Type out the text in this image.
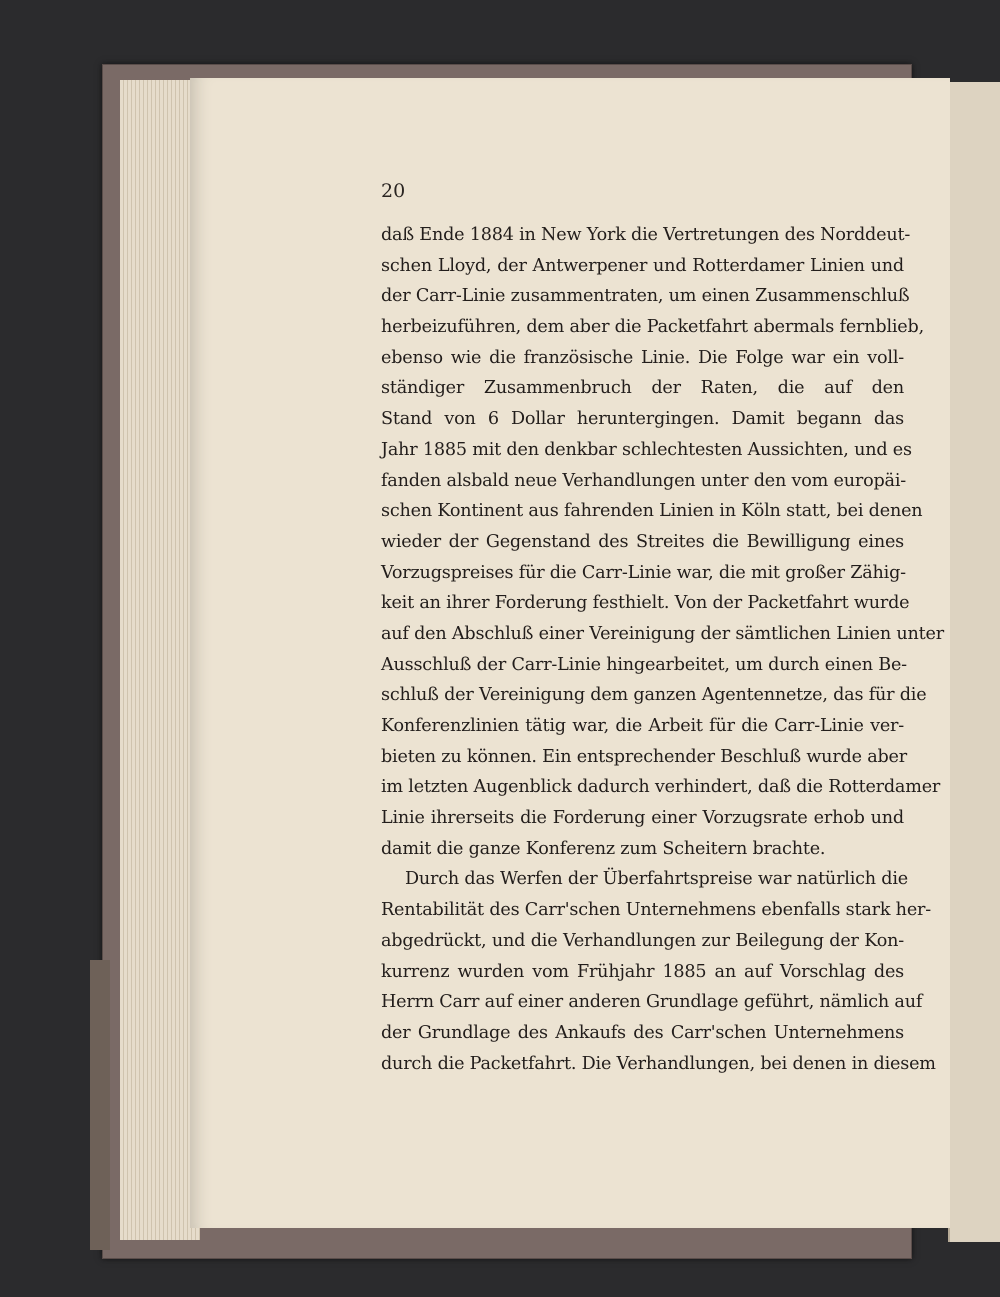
20
daß Ende 1884 in New York die Vertretungen des Norddeut-
schen Lloyd, der Antwerpener und Rotterdamer Linien und
der Carr-Linie zusammentraten, um einen Zusammenschluß
herbeizuführen, dem aber die Packetfahrt abermals fernblieb,
ebenso wie die französische Linie. Die Folge war ein voll-
ständiger Zusammenbruch der Raten, die auf den
Stand von 6 Dollar heruntergingen. Damit begann das
Jahr 1885 mit den denkbar schlechtesten Aussichten, und es
fanden alsbald neue Verhandlungen unter den vom europäi-
schen Kontinent aus fahrenden Linien in Köln statt, bei denen
wieder der Gegenstand des Streites die Bewilligung eines
Vorzugspreises für die Carr-Linie war, die mit großer Zähig-
keit an ihrer Forderung festhielt. Von der Packetfahrt wurde
auf den Abschluß einer Vereinigung der sämtlichen Linien unter
Ausschluß der Carr-Linie hingearbeitet, um durch einen Be-
schluß der Vereinigung dem ganzen Agentennetze, das für die
Konferenzlinien tätig war, die Arbeit für die Carr-Linie ver-
bieten zu können. Ein entsprechender Beschluß wurde aber
im letzten Augenblick dadurch verhindert, daß die Rotterdamer
Linie ihrerseits die Forderung einer Vorzugsrate erhob und
damit die ganze Konferenz zum Scheitern brachte.
Durch das Werfen der Überfahrtspreise war natürlich die
Rentabilität des Carr'schen Unternehmens ebenfalls stark her-
abgedrückt, und die Verhandlungen zur Beilegung der Kon-
kurrenz wurden vom Frühjahr 1885 an auf Vorschlag des
Herrn Carr auf einer anderen Grundlage geführt, nämlich auf
der Grundlage des Ankaufs des Carr'schen Unternehmens
durch die Packetfahrt. Die Verhandlungen, bei denen in diesem
